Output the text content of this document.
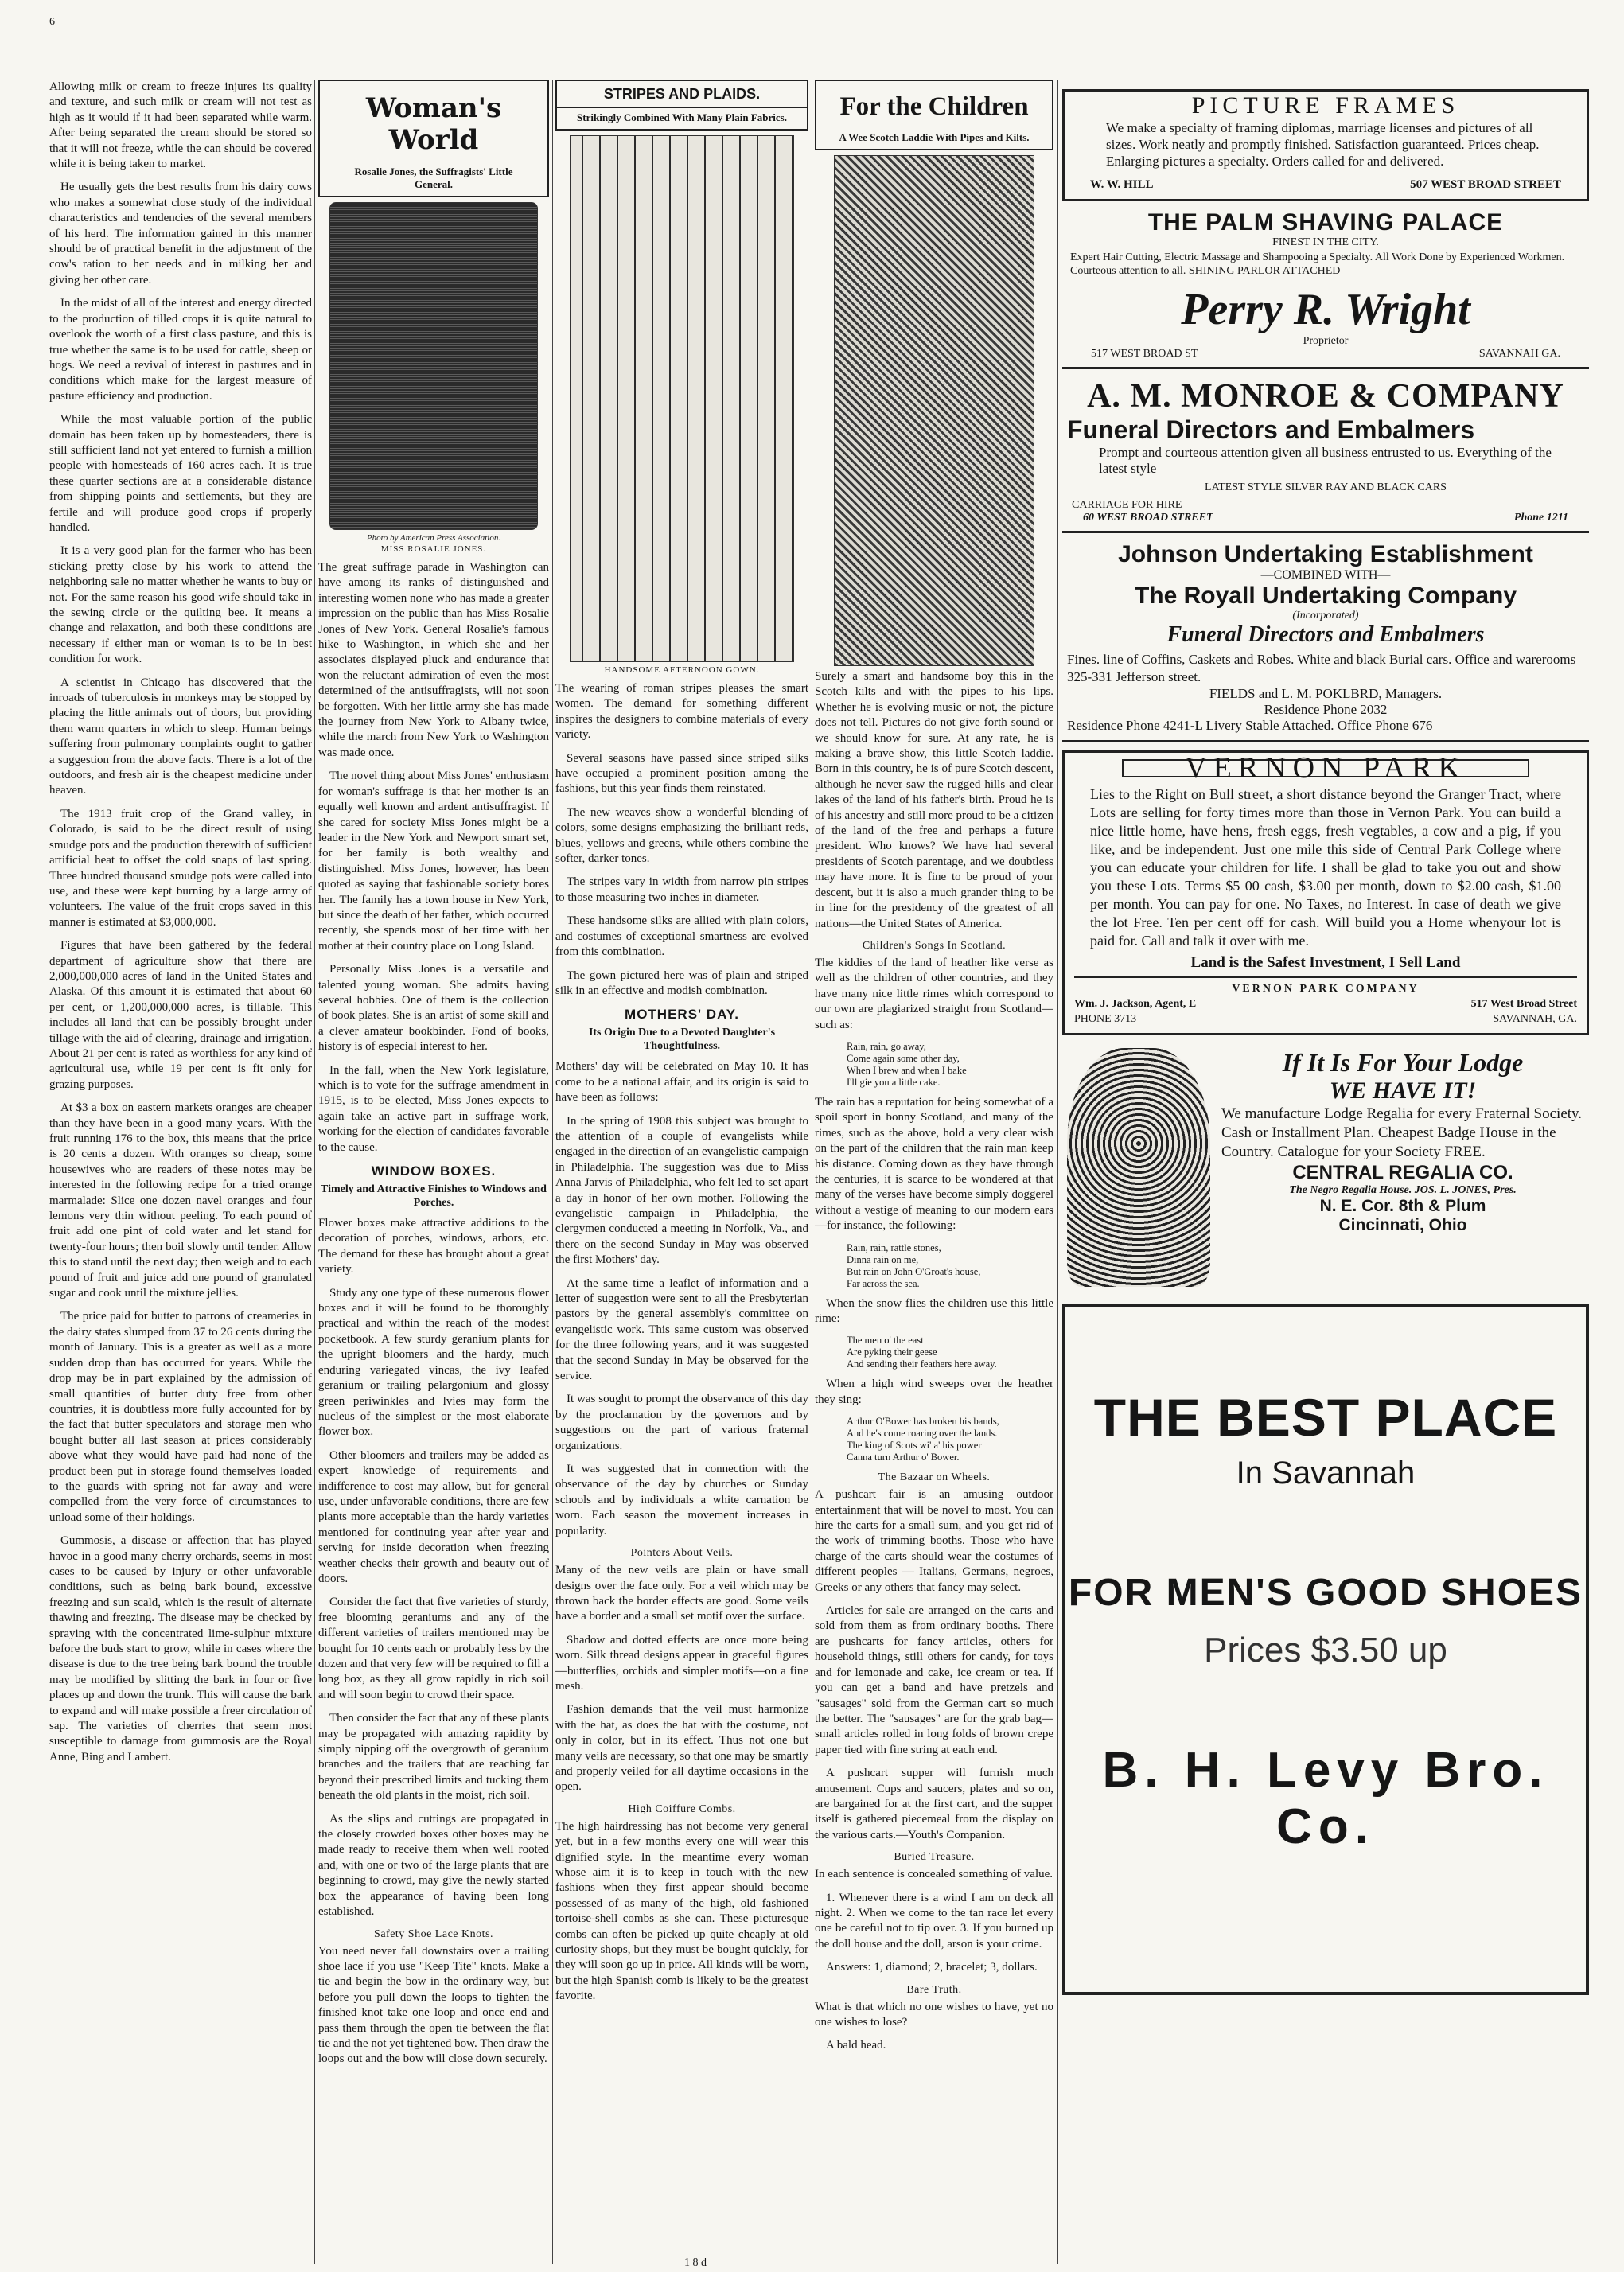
6

Allowing milk or cream to freeze injures its quality and texture, and such milk or cream will not test as high as it would if it had been separated while warm. After being separated the cream should be stored so that it will not freeze, while the can should be covered while it is being taken to market.

He usually gets the best results from his dairy cows who makes a somewhat close study of the individual characteristics and tendencies of the several members of his herd. The information gained in this manner should be of practical benefit in the adjustment of the cow's ration to her needs and in milking her and giving her other care.

In the midst of all of the interest and energy directed to the production of tilled crops it is quite natural to overlook the worth of a first class pasture, and this is true whether the same is to be used for cattle, sheep or hogs. We need a revival of interest in pastures and in conditions which make for the largest measure of pasture efficiency and production.

While the most valuable portion of the public domain has been taken up by homesteaders, there is still sufficient land not yet entered to furnish a million people with homesteads of 160 acres each. It is true these quarter sections are at a considerable distance from shipping points and settlements, but they are fertile and will produce good crops if properly handled.

It is a very good plan for the farmer who has been sticking pretty close by his work to attend the neighboring sale no matter whether he wants to buy or not. For the same reason his good wife should take in the sewing circle or the quilting bee. It means a change and relaxation, and both these conditions are necessary if either man or woman is to be in best condition for work.

A scientist in Chicago has discovered that the inroads of tuberculosis in monkeys may be stopped by placing the little animals out of doors, but providing them warm quarters in which to sleep. Human beings suffering from pulmonary complaints ought to gather a suggestion from the above facts. There is a lot of the outdoors, and fresh air is the cheapest medicine under heaven.

The 1913 fruit crop of the Grand valley, in Colorado, is said to be the direct result of using smudge pots and the production therewith of sufficient artificial heat to offset the cold snaps of last spring. Three hundred thousand smudge pots were called into use, and these were kept burning by a large army of volunteers. The value of the fruit crops saved in this manner is estimated at $3,000,000.

Figures that have been gathered by the federal department of agriculture show that there are 2,000,000,000 acres of land in the United States and Alaska. Of this amount it is estimated that about 60 per cent, or 1,200,000,000 acres, is tillable. This includes all land that can be possibly brought under tillage with the aid of clearing, drainage and irrigation. About 21 per cent is rated as worthless for any kind of agricultural use, while 19 per cent is fit only for grazing purposes.

At $3 a box on eastern markets oranges are cheaper than they have been in a good many years. With the fruit running 176 to the box, this means that the price is 20 cents a dozen. With oranges so cheap, some housewives who are readers of these notes may be interested in the following recipe for a tried orange marmalade: Slice one dozen navel oranges and four lemons very thin without peeling. To each pound of fruit add one pint of cold water and let stand for twenty-four hours; then boil slowly until tender. Allow this to stand until the next day; then weigh and to each pound of fruit and juice add one pound of granulated sugar and cook until the mixture jellies.

The price paid for butter to patrons of creameries in the dairy states slumped from 37 to 26 cents during the month of January. This is a greater as well as a more sudden drop than has occurred for years. While the drop may be in part explained by the admission of small quantities of butter duty free from other countries, it is doubtless more fully accounted for by the fact that butter speculators and storage men who bought butter all last season at prices considerably above what they would have paid had none of the product been put in storage found themselves loaded to the guards with spring not far away and were compelled from the very force of circumstances to unload some of their holdings.

Gummosis, a disease or affection that has played havoc in a good many cherry orchards, seems in most cases to be caused by injury or other unfavorable conditions, such as being bark bound, excessive freezing and sun scald, which is the result of alternate thawing and freezing. The disease may be checked by spraying with the concentrated lime-sulphur mixture before the buds start to grow, while in cases where the disease is due to the tree being bark bound the trouble may be modified by slitting the bark in four or five places up and down the trunk. This will cause the bark to expand and will make possible a freer circulation of sap. The varieties of cherries that seem most susceptible to damage from gummosis are the Royal Anne, Bing and Lambert.

Woman's World
Rosalie Jones, the Suffragists' Little General.
Photo by American Press Association.
MISS ROSALIE JONES.

The great suffrage parade in Washington can have among its ranks of distinguished and interesting women none who has made a greater impression on the public than has Miss Rosalie Jones of New York. General Rosalie's famous hike to Washington, in which she and her associates displayed pluck and endurance that won the reluctant admiration of even the most determined of the antisuffragists, will not soon be forgotten. With her little army she has made the journey from New York to Albany twice, while the march from New York to Washington was made once.

The novel thing about Miss Jones' enthusiasm for woman's suffrage is that her mother is an equally well known and ardent antisuffragist. If she cared for society Miss Jones might be a leader in the New York and Newport smart set, for her family is both wealthy and distinguished. Miss Jones, however, has been quoted as saying that fashionable society bores her. The family has a town house in New York, but since the death of her father, which occurred recently, she spends most of her time with her mother at their country place on Long Island.

Personally Miss Jones is a versatile and talented young woman. She admits having several hobbies. One of them is the collection of book plates. She is an artist of some skill and a clever amateur bookbinder. Fond of books, history is of especial interest to her.

In the fall, when the New York legislature, which is to vote for the suffrage amendment in 1915, is to be elected, Miss Jones expects to again take an active part in suffrage work, working for the election of candidates favorable to the cause.

WINDOW BOXES.
Timely and Attractive Finishes to Windows and Porches.

Flower boxes make attractive additions to the decoration of porches, windows, arbors, etc. The demand for these has brought about a great variety.

Study any one type of these numerous flower boxes and it will be found to be thoroughly practical and within the reach of the modest pocketbook. A few sturdy geranium plants for the upright bloomers and the hardy, much enduring variegated vincas, the ivy leafed geranium or trailing pelargonium and glossy green periwinkles and lvies may form the nucleus of the simplest or the most elaborate flower box.

Other bloomers and trailers may be added as expert knowledge of requirements and indifference to cost may allow, but for general use, under unfavorable conditions, there are few plants more acceptable than the hardy varieties mentioned for continuing year after year and serving for inside decoration when freezing weather checks their growth and beauty out of doors.

Consider the fact that five varieties of sturdy, free blooming geraniums and any of the different varieties of trailers mentioned may be bought for 10 cents each or probably less by the dozen and that very few will be required to fill a long box, as they all grow rapidly in rich soil and will soon begin to crowd their space.

Then consider the fact that any of these plants may be propagated with amazing rapidity by simply nipping off the overgrowth of geranium branches and the trailers that are reaching far beyond their prescribed limits and tucking them beneath the old plants in the moist, rich soil.

As the slips and cuttings are propagated in the closely crowded boxes other boxes may be made ready to receive them when well rooted and, with one or two of the large plants that are beginning to crowd, may give the newly started box the appearance of having been long established.

Safety Shoe Lace Knots.

You need never fall downstairs over a trailing shoe lace if you use "Keep Tite" knots. Make a tie and begin the bow in the ordinary way, but before you pull down the loops to tighten the finished knot take one loop and once end and pass them through the open tie between the flat tie and the not yet tightened bow. Then draw the loops out and the bow will close down securely.

STRIPES AND PLAIDS.
Strikingly Combined With Many Plain Fabrics.
HANDSOME AFTERNOON GOWN.

The wearing of roman stripes pleases the smart women. The demand for something different inspires the designers to combine materials of every variety.

Several seasons have passed since striped silks have occupied a prominent position among the fashions, but this year finds them reinstated.

The new weaves show a wonderful blending of colors, some designs emphasizing the brilliant reds, blues, yellows and greens, while others combine the softer, darker tones.

The stripes vary in width from narrow pin stripes to those measuring two inches in diameter.

These handsome silks are allied with plain colors, and costumes of exceptional smartness are evolved from this combination.

The gown pictured here was of plain and striped silk in an effective and modish combination.

MOTHERS' DAY.
Its Origin Due to a Devoted Daughter's Thoughtfulness.

Mothers' day will be celebrated on May 10. It has come to be a national affair, and its origin is said to have been as follows:

In the spring of 1908 this subject was brought to the attention of a couple of evangelists while engaged in the direction of an evangelistic campaign in Philadelphia. The suggestion was due to Miss Anna Jarvis of Philadelphia, who felt led to set apart a day in honor of her own mother. Following the evangelistic campaign in Philadelphia, the clergymen conducted a meeting in Norfolk, Va., and there on the second Sunday in May was observed the first Mothers' day.

At the same time a leaflet of information and a letter of suggestion were sent to all the Presbyterian pastors by the general assembly's committee on evangelistic work. This same custom was observed for the three following years, and it was suggested that the second Sunday in May be observed for the service.

It was sought to prompt the observance of this day by the proclamation by the governors and by suggestions on the part of various fraternal organizations.

It was suggested that in connection with the observance of the day by churches or Sunday schools and by individuals a white carnation be worn. Each season the movement increases in popularity.

Pointers About Veils.

Many of the new veils are plain or have small designs over the face only. For a veil which may be thrown back the border effects are good. Some veils have a border and a small set motif over the surface.

Shadow and dotted effects are once more being worn. Silk thread designs appear in graceful figures—butterflies, orchids and simpler motifs—on a fine mesh.

Fashion demands that the veil must harmonize with the hat, as does the hat with the costume, not only in color, but in its effect. Thus not one but many veils are necessary, so that one may be smartly and properly veiled for all daytime occasions in the open.

High Coiffure Combs.

The high hairdressing has not become very general yet, but in a few months every one will wear this dignified style. In the meantime every woman whose aim it is to keep in touch with the new fashions when they first appear should become possessed of as many of the high, old fashioned tortoise-shell combs as she can. These picturesque combs can often be picked up quite cheaply at old curiosity shops, but they must be bought quickly, for they will soon go up in price. All kinds will be worn, but the high Spanish comb is likely to be the greatest favorite.

For the Children
A Wee Scotch Laddie With Pipes and Kilts.

Surely a smart and handsome boy this in the Scotch kilts and with the pipes to his lips. Whether he is evolving music or not, the picture does not tell. Pictures do not give forth sound or we should know for sure. At any rate, he is making a brave show, this little Scotch laddie. Born in this country, he is of pure Scotch descent, although he never saw the rugged hills and clear lakes of the land of his father's birth. Proud he is of his ancestry and still more proud to be a citizen of the land of the free and perhaps a future president. Who knows? We have had several presidents of Scotch parentage, and we doubtless may have more. It is fine to be proud of your descent, but it is also a much grander thing to be in line for the presidency of the greatest of all nations—the United States of America.

Children's Songs In Scotland.

The kiddies of the land of heather like verse as well as the children of other countries, and they have many nice little rimes which correspond to our own are plagiarized straight from Scotland—such as:

Rain, rain, go away,
Come again some other day,
When I brew and when I bake
I'll gie you a little cake.

The rain has a reputation for being somewhat of a spoil sport in bonny Scotland, and many of the rimes, such as the above, hold a very clear wish on the part of the children that the rain man keep his distance. Coming down as they have through the centuries, it is scarce to be wondered at that many of the verses have become simply doggerel without a vestige of meaning to our modern ears—for instance, the following:

Rain, rain, rattle stones,
Dinna rain on me,
But rain on John O'Groat's house,
Far across the sea.

When the snow flies the children use this little rime:

The men o' the east
Are pyking their geese
And sending their feathers here away.

When a high wind sweeps over the heather they sing:

Arthur O'Bower has broken his bands,
And he's come roaring over the lands.
The king of Scots wi' a' his power
Canna turn Arthur o' Bower.
The Bazaar on Wheels.

A pushcart fair is an amusing outdoor entertainment that will be novel to most. You can hire the carts for a small sum, and you get rid of the work of trimming booths. Those who have charge of the carts should wear the costumes of different peoples — Italians, Germans, negroes, Greeks or any others that fancy may select.

Articles for sale are arranged on the carts and sold from them as from ordinary booths. There are pushcarts for fancy articles, others for household things, still others for candy, for toys and for lemonade and cake, ice cream or tea. If you can get a band and have pretzels and "sausages" sold from the German cart so much the better. The "sausages" are for the grab bag—small articles rolled in long folds of brown crepe paper tied with fine string at each end.

A pushcart supper will furnish much amusement. Cups and saucers, plates and so on, are bargained for at the first cart, and the supper itself is gathered piecemeal from the display on the various carts.—Youth's Companion.

Buried Treasure.

In each sentence is concealed something of value.

1. Whenever there is a wind I am on deck all night. 2. When we come to the tan race let every one be careful not to tip over. 3. If you burned up the doll house and the doll, arson is your crime.

Answers: 1, diamond; 2, bracelet; 3, dollars.

Bare Truth.

What is that which no one wishes to have, yet no one wishes to lose?

A bald head.

PICTURE FRAMES
We make a specialty of framing diplomas, marriage licenses and pictures of all sizes. Work neatly and promptly finished. Satisfaction guaranteed. Prices cheap. Enlarging pictures a specialty. Orders called for and delivered.
W. W. HILL	507 WEST BROAD STREET
THE PALM SHAVING PALACE
FINEST IN THE CITY.
Expert Hair Cutting, Electric Massage and Shampooing a Specialty. All Work Done by Experienced Workmen. Courteous attention to all. SHINING PARLOR ATTACHED
Perry R. Wright
Proprietor
517 WEST BROAD ST	SAVANNAH GA.
A. M. MONROE & COMPANY
Funeral Directors and Embalmers
Prompt and courteous attention given all business entrusted to us. Everything of the latest style
LATEST STYLE SILVER RAY AND BLACK CARS
CARRIAGE FOR HIRE
60 WEST BROAD STREET	Phone 1211
Johnson Undertaking Establishment
—COMBINED WITH—
The Royall Undertaking Company
(Incorporated)
Funeral Directors and Embalmers
Fines. line of Coffins, Caskets and Robes. White and black Burial cars. Office and warerooms 325-331 Jefferson street.
FIELDS and L. M. POKLBRD, Managers.
Residence Phone 2032
Residence Phone 4241-L Livery Stable Attached. Office Phone 676
VERNON PARK
Lies to the Right on Bull street, a short distance beyond the Granger Tract, where Lots are selling for forty times more than those in Vernon Park. You can build a nice little home, have hens, fresh eggs, fresh vegtables, a cow and a pig, if you like, and be independent. Just one mile this side of Central Park College where you can educate your children for life. I shall be glad to take you out and show you these Lots. Terms $5 00 cash, $3.00 per month, down to $2.00 cash, $1.00 per month. You can pay for one. No Taxes, no Interest. In case of death we give the lot Free. Ten per cent off for cash. Will build you a Home whenyour lot is paid for. Call and talk it over with me.
Land is the Safest Investment, I Sell Land
VERNON PARK COMPANY
Wm. J. Jackson, Agent, E	517 West Broad Street
PHONE 3713	SAVANNAH, GA.
If It Is For Your Lodge
WE HAVE IT!
We manufacture Lodge Regalia for every Fraternal Society. Cash or Installment Plan. Cheapest Badge House in the Country. Catalogue for your Society FREE.
CENTRAL REGALIA CO.
The Negro Regalia House. JOS. L. JONES, Pres.
N. E. Cor. 8th & Plum
Cincinnati, Ohio
THE BEST PLACE
In Savannah
FOR MEN'S GOOD SHOES
Prices $3.50 up
B. H. Levy Bro. Co.
1 8 d
